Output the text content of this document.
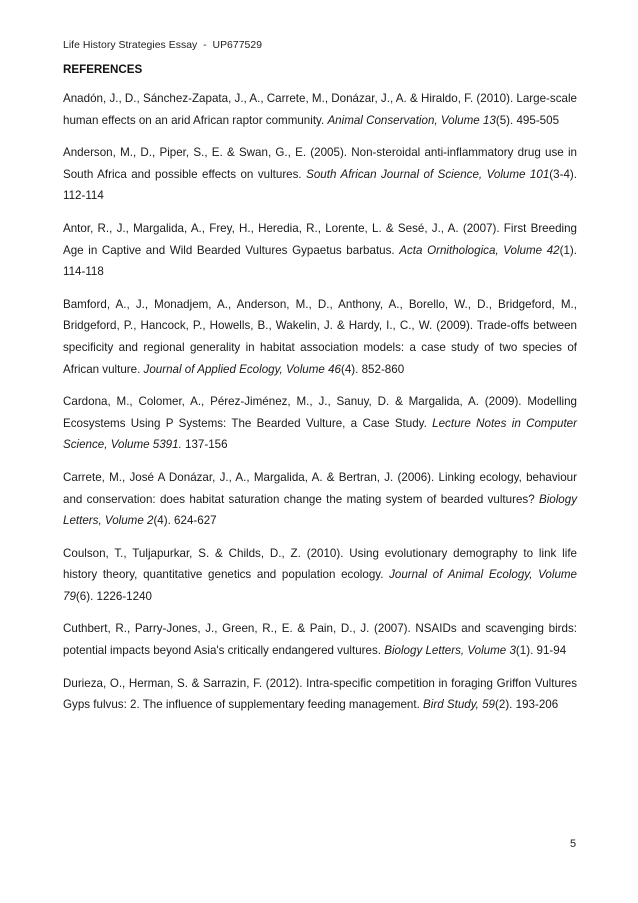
Life History Strategies Essay  -  UP677529
REFERENCES

Anadón, J., D., Sánchez-Zapata, J., A., Carrete, M., Donázar, J., A. & Hiraldo, F. (2010). Large-scale human effects on an arid African raptor community. Animal Conservation, Volume 13(5). 495-505

Anderson, M., D., Piper, S., E. & Swan, G., E. (2005). Non-steroidal anti-inflammatory drug use in South Africa and possible effects on vultures. South African Journal of Science, Volume 101(3-4). 112-114

Antor, R., J., Margalida, A., Frey, H., Heredia, R., Lorente, L. & Sesé, J., A. (2007). First Breeding Age in Captive and Wild Bearded Vultures Gypaetus barbatus. Acta Ornithologica, Volume 42(1). 114-118

Bamford, A., J., Monadjem, A., Anderson, M., D., Anthony, A., Borello, W., D., Bridgeford, M., Bridgeford, P., Hancock, P., Howells, B., Wakelin, J. & Hardy, I., C., W. (2009). Trade-offs between specificity and regional generality in habitat association models: a case study of two species of African vulture. Journal of Applied Ecology, Volume 46(4). 852-860

Cardona, M., Colomer, A., Pérez-Jiménez, M., J., Sanuy, D. & Margalida, A. (2009). Modelling Ecosystems Using P Systems: The Bearded Vulture, a Case Study. Lecture Notes in Computer Science, Volume 5391. 137-156

Carrete, M., José A Donázar, J., A., Margalida, A. & Bertran, J. (2006). Linking ecology, behaviour and conservation: does habitat saturation change the mating system of bearded vultures? Biology Letters, Volume 2(4). 624-627

Coulson, T., Tuljapurkar, S. & Childs, D., Z. (2010). Using evolutionary demography to link life history theory, quantitative genetics and population ecology. Journal of Animal Ecology, Volume 79(6). 1226-1240

Cuthbert, R., Parry-Jones, J., Green, R., E. & Pain, D., J. (2007). NSAIDs and scavenging birds: potential impacts beyond Asia's critically endangered vultures. Biology Letters, Volume 3(1). 91-94

Durieza, O., Herman, S. & Sarrazin, F. (2012). Intra-specific competition in foraging Griffon Vultures Gyps fulvus: 2. The influence of supplementary feeding management. Bird Study, 59(2). 193-206

5
